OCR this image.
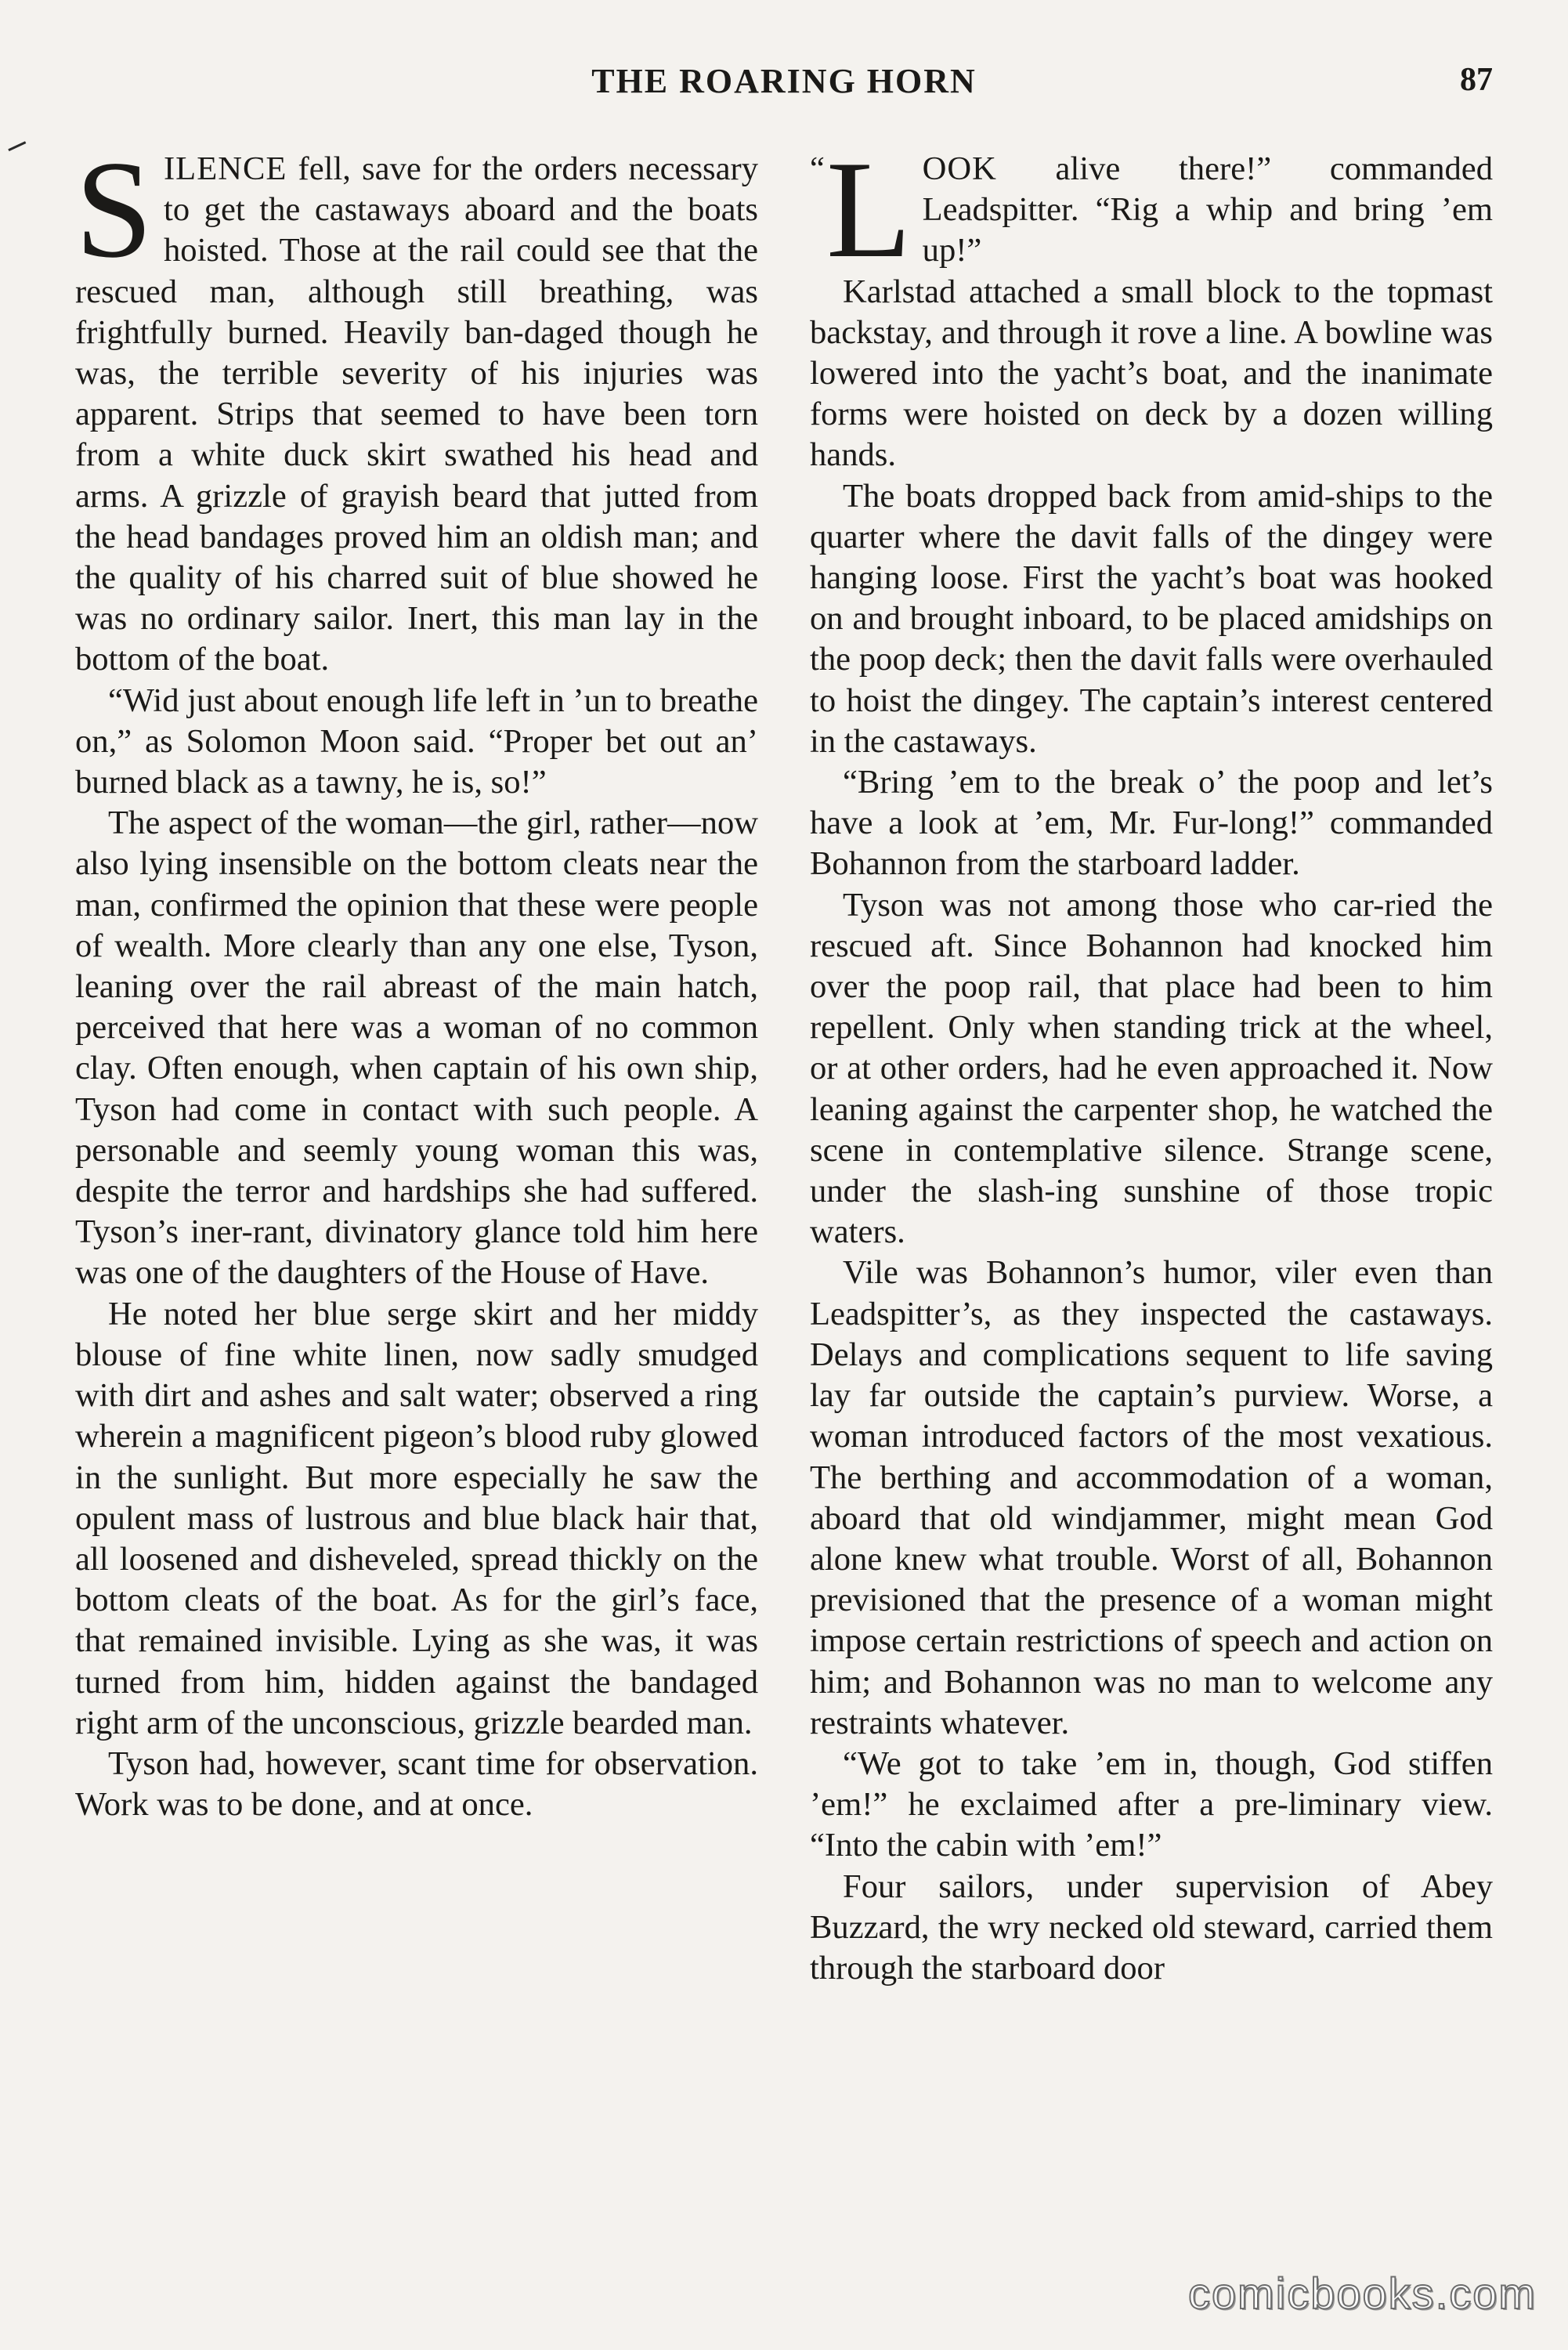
THE ROARING HORN	87

SILENCE fell, save for the orders necessary to get the castaways aboard and the boats hoisted. Those at the rail could see that the rescued man, although still breathing, was frightfully burned. Heavily ban-daged though he was, the terrible severity of his injuries was apparent. Strips that seemed to have been torn from a white duck skirt swathed his head and arms. A grizzle of grayish beard that jutted from the head bandages proved him an oldish man; and the quality of his charred suit of blue showed he was no ordinary sailor. Inert, this man lay in the bottom of the boat.

“Wid just about enough life left in ’un to breathe on,” as Solomon Moon said. “Proper bet out an’ burned black as a tawny, he is, so!”

The aspect of the woman—the girl, rather—now also lying insensible on the bottom cleats near the man, confirmed the opinion that these were people of wealth. More clearly than any one else, Tyson, leaning over the rail abreast of the main hatch, perceived that here was a woman of no common clay. Often enough, when captain of his own ship, Tyson had come in contact with such people. A personable and seemly young woman this was, despite the terror and hardships she had suffered. Tyson’s iner-rant, divinatory glance told him here was one of the daughters of the House of Have.

He noted her blue serge skirt and her middy blouse of fine white linen, now sadly smudged with dirt and ashes and salt water; observed a ring wherein a magnificent pigeon’s blood ruby glowed in the sunlight. But more especially he saw the opulent mass of lustrous and blue black hair that, all loosened and disheveled, spread thickly on the bottom cleats of the boat. As for the girl’s face, that remained invisible. Lying as she was, it was turned from him, hidden against the bandaged right arm of the unconscious, grizzle bearded man.

Tyson had, however, scant time for observation. Work was to be done, and at once.

“ L OOK alive there!” commanded Leadspitter. “Rig a whip and bring ’em up!”

Karlstad attached a small block to the topmast backstay, and through it rove a line. A bowline was lowered into the yacht’s boat, and the inanimate forms were hoisted on deck by a dozen willing hands.

The boats dropped back from amid-ships to the quarter where the davit falls of the dingey were hanging loose. First the yacht’s boat was hooked on and brought inboard, to be placed amidships on the poop deck; then the davit falls were overhauled to hoist the dingey. The captain’s interest centered in the castaways.

“Bring ’em to the break o’ the poop and let’s have a look at ’em, Mr. Fur-long!” commanded Bohannon from the starboard ladder.

Tyson was not among those who car-ried the rescued aft. Since Bohannon had knocked him over the poop rail, that place had been to him repellent. Only when standing trick at the wheel, or at other orders, had he even approached it. Now leaning against the carpenter shop, he watched the scene in contemplative silence. Strange scene, under the slash-ing sunshine of those tropic waters.

Vile was Bohannon’s humor, viler even than Leadspitter’s, as they inspected the castaways. Delays and complications sequent to life saving lay far outside the captain’s purview. Worse, a woman introduced factors of the most vexatious. The berthing and accommodation of a woman, aboard that old windjammer, might mean God alone knew what trouble. Worst of all, Bohannon previsioned that the presence of a woman might impose certain restrictions of speech and action on him; and Bohannon was no man to welcome any restraints whatever.

“We got to take ’em in, though, God stiffen ’em!” he exclaimed after a pre-liminary view. “Into the cabin with ’em!”

Four sailors, under supervision of Abey Buzzard, the wry necked old steward, carried them through the starboard door

comicbooks.com
